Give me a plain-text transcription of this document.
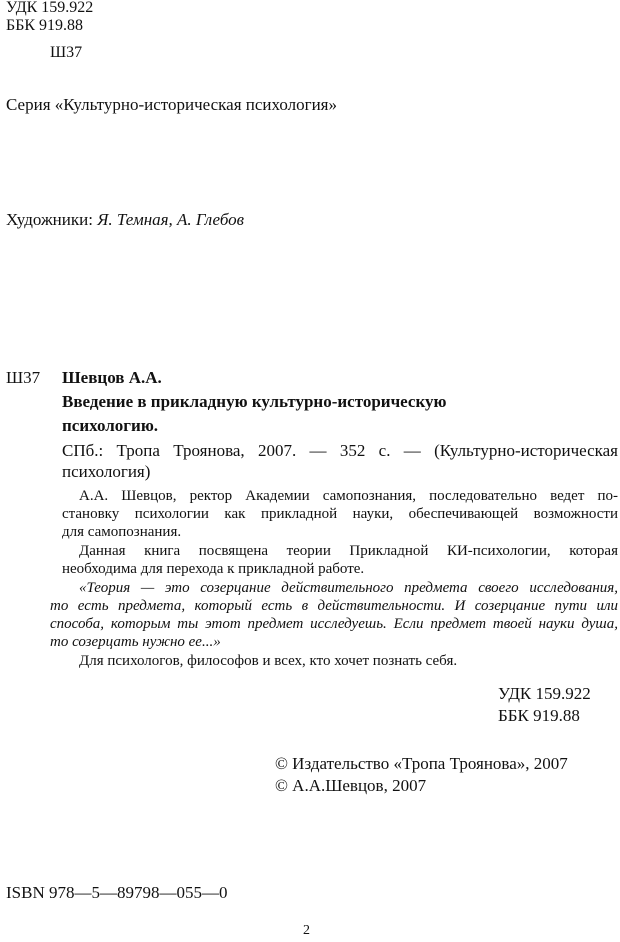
УДК 159.922
ББК 919.88
Ш37
Серия «Культурно-историческая психология»
Художники: Я. Темная, А. Глебов
Ш37 Шевцов А.А.
Введение в прикладную культурно-историческую
психологию.
СПб.: Тропа Троянова, 2007. — 352 с. — (Культурно-историческая
психология)
А.А. Шевцов, ректор Академии самопознания, последовательно ведет по-
становку психологии как прикладной науки, обеспечивающей возможности
для самопознания.
Данная книга посвящена теории Прикладной КИ-психологии, которая
необходима для перехода к прикладной работе.
«Теория — это созерцание действительного предмета своего исследования,
то есть предмета, который есть в действительности. И созерцание пути или
способа, которым ты этот предмет исследуешь. Если предмет твоей науки душа,
то созерцать нужно ее...»
Для психологов, философов и всех, кто хочет познать себя.
УДК 159.922
ББК 919.88
© Издательство «Тропа Троянова», 2007
© А.А.Шевцов, 2007
ISBN 978—5—89798—055—0
2
